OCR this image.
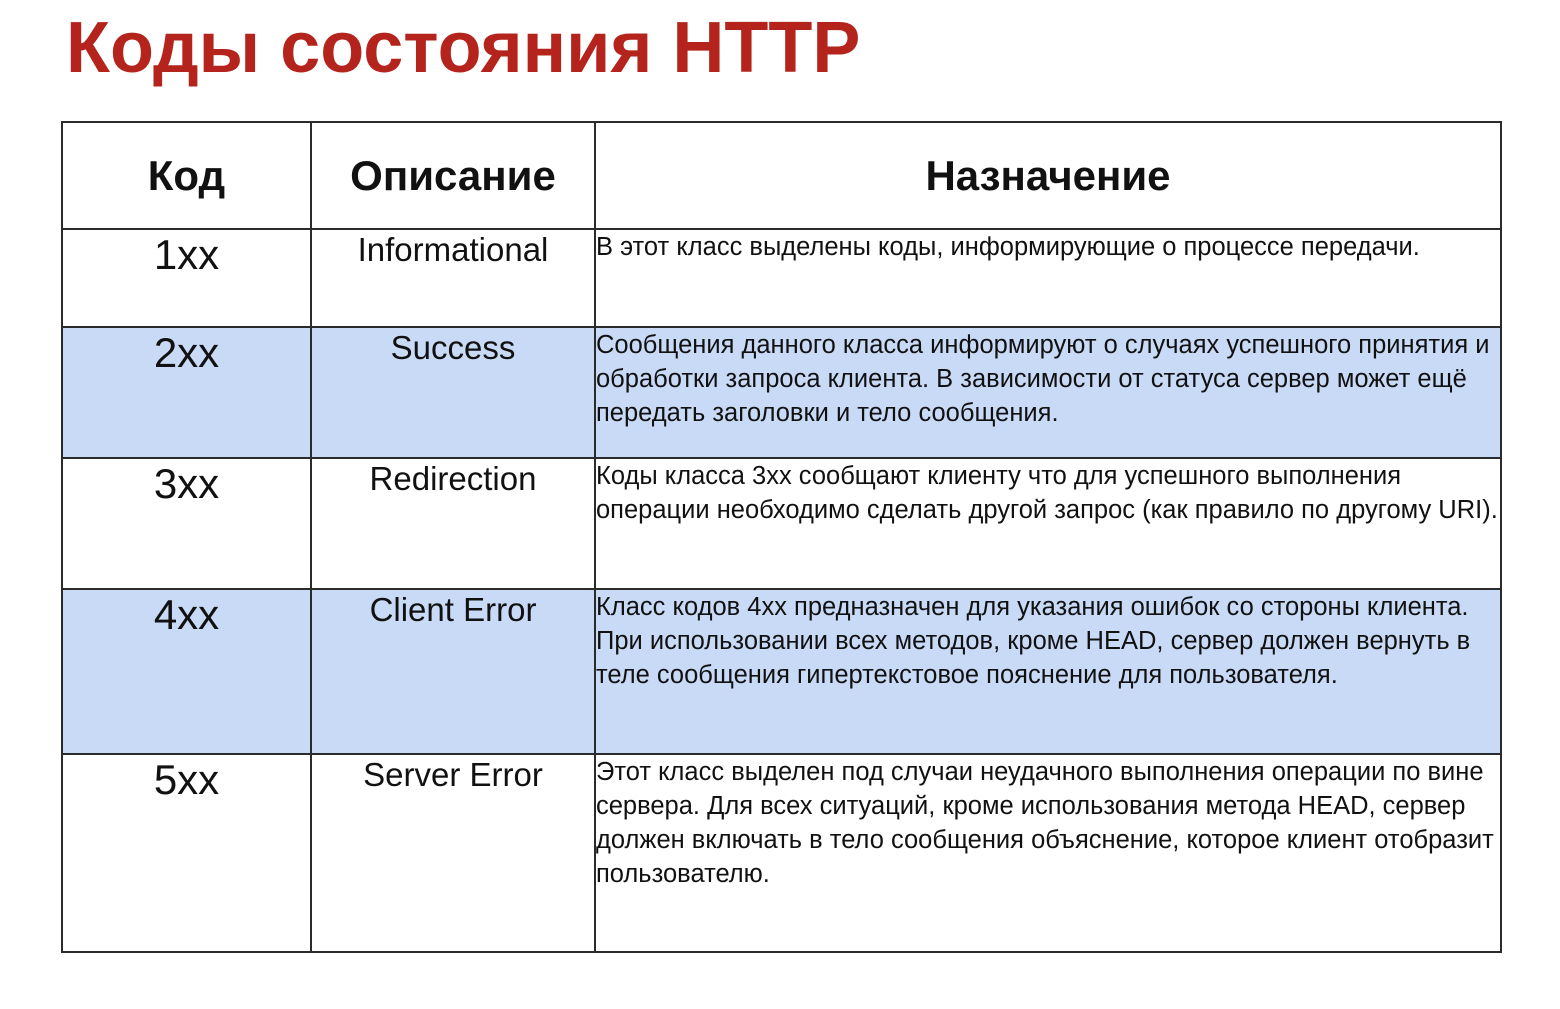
Коды состояния HTTP
Код	Описание	Назначение
1xx	Informational	В этот класс выделены коды, информирующие о процессе передачи.
2xx	Success	Сообщения данного класса информируют о случаях успешного принятия и обработки запроса клиента. В зависимости от статуса сервер может ещё передать заголовки и тело сообщения.
3xx	Redirection	Коды класса 3хх сообщают клиенту что для успешного выполнения операции необходимо сделать другой запрос (как правило по другому URI).
4xx	Client Error	Класс кодов 4хх предназначен для указания ошибок со стороны клиента. При использовании всех методов, кроме HEAD, сервер должен вернуть в теле сообщения гипертекстовое пояснение для пользователя.
5xx	Server Error	Этот класс выделен под случаи неудачного выполнения операции по вине сервера. Для всех ситуаций, кроме использования метода HEAD, сервер должен включать в тело сообщения объяснение, которое клиент отобразит пользователю.
